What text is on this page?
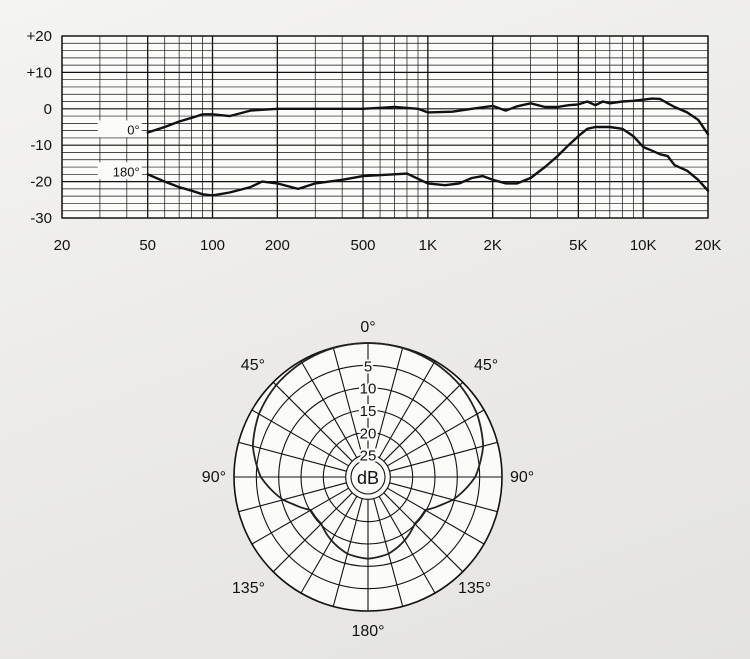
20	50	100	200	500	1K	2K	5K	10K	20K
+20
+10
0
-10
-20
-30
0°
180°
dB
5
10
15
20
25
0°
45°	45°
90°	90°
135°	135°
180°
